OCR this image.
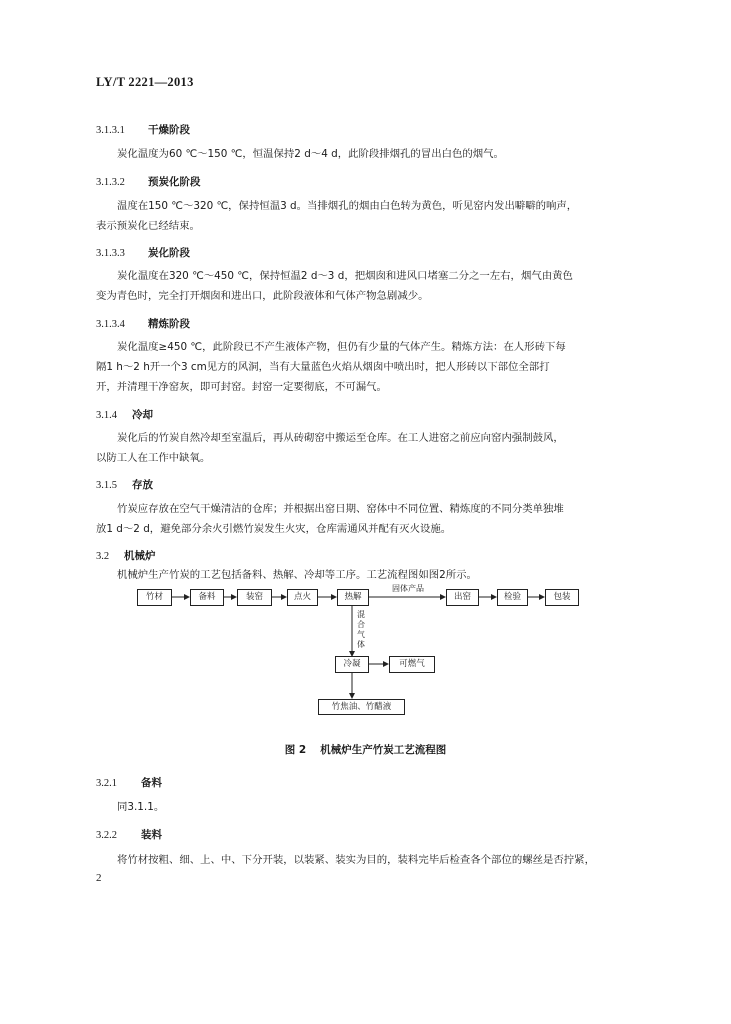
LY/T 2221—2013
3.1.3.1 干燥阶段
炭化温度为60 ℃～150 ℃，恒温保持2 d～4 d，此阶段排烟孔的冒出白色的烟气。
3.1.3.2 预炭化阶段
温度在150 ℃～320 ℃，保持恒温3 d。当排烟孔的烟由白色转为黄色，听见窑内发出噼噼的响声，
表示预炭化已经结束。
3.1.3.3 炭化阶段
炭化温度在320 ℃～450 ℃，保持恒温2 d～3 d，把烟囱和进风口堵塞二分之一左右，烟气由黄色
变为青色时，完全打开烟囱和进出口，此阶段液体和气体产物急剧减少。
3.1.3.4 精炼阶段
炭化温度≥450 ℃，此阶段已不产生液体产物，但仍有少量的气体产生。精炼方法：在人形砖下每
隔1 h～2 h开一个3 cm见方的风洞，当有大量蓝色火焰从烟囱中喷出时，把人形砖以下部位全部打
开，并清理干净窑灰，即可封窑。封窑一定要彻底，不可漏气。
3.1.4 冷却
炭化后的竹炭自然冷却至室温后，再从砖砌窑中搬运至仓库。在工人进窑之前应向窑内强制鼓风，
以防工人在工作中缺氧。
3.1.5 存放
竹炭应存放在空气干燥清洁的仓库；并根据出窑日期、窑体中不同位置、精炼度的不同分类单独堆
放1 d～2 d，避免部分余火引燃竹炭发生火灾，仓库需通风并配有灭火设施。
3.2 机械炉
机械炉生产竹炭的工艺包括备料、热解、冷却等工序。工艺流程图如图2所示。
竹材	备料	装窑	点火	热解	出窑	检验	包装
冷凝	可燃气
竹焦油、竹醋液
固体产品
混合气体
图 2 机械炉生产竹炭工艺流程图
3.2.1 备料
同3.1.1。
3.2.2 装料
将竹材按粗、细、上、中、下分开装，以装紧、装实为目的，装料完毕后检查各个部位的螺丝是否拧紧，
2
